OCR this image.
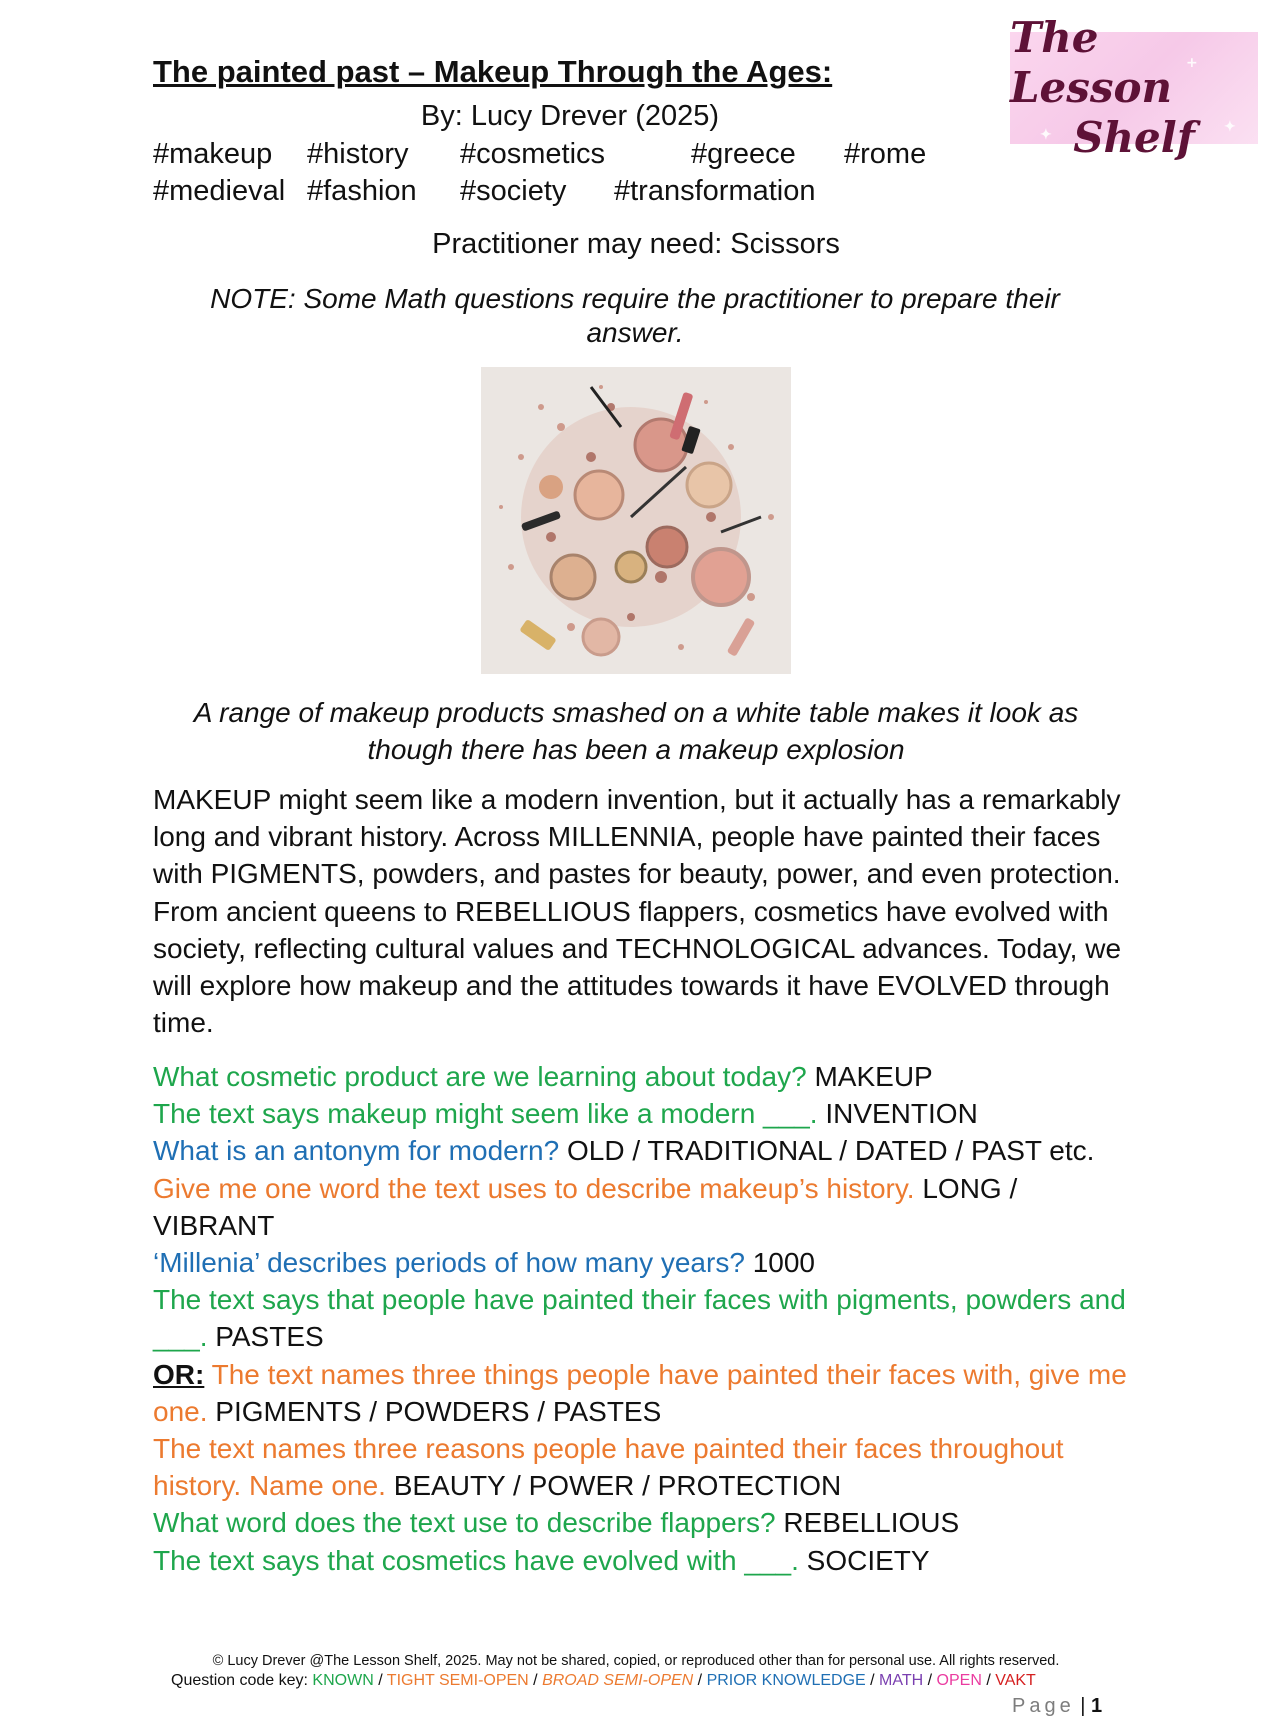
+
✦	✦
The Lesson
Shelf
The painted past – Makeup Through the Ages:
By: Lucy Drever (2025)
#makeup #history #cosmetics	#greece #rome
#medieval #fashion #society #transformation
Practitioner may need: Scissors
NOTE: Some Math questions require the practitioner to prepare their answer.
A range of makeup products smashed on a white table makes it look as though there has been a makeup explosion

MAKEUP might seem like a modern invention, but it actually has a remarkably long and vibrant history. Across MILLENNIA, people have painted their faces with PIGMENTS, powders, and pastes for beauty, power, and even protection. From ancient queens to REBELLIOUS flappers, cosmetics have evolved with society, reflecting cultural values and TECHNOLOGICAL advances. Today, we will explore how makeup and the attitudes towards it have EVOLVED through time.

What cosmetic product are we learning about today? MAKEUP

The text says makeup might seem like a modern ___. INVENTION

What is an antonym for modern? OLD / TRADITIONAL / DATED / PAST etc.

Give me one word the text uses to describe makeup’s history. LONG / VIBRANT

‘Millenia’ describes periods of how many years? 1000

The text says that people have painted their faces with pigments, powders and ___. PASTES

OR: The text names three things people have painted their faces with, give me one. PIGMENTS / POWDERS / PASTES

The text names three reasons people have painted their faces throughout history. Name one. BEAUTY / POWER / PROTECTION

What word does the text use to describe flappers? REBELLIOUS

The text says that cosmetics have evolved with ___. SOCIETY

© Lucy Drever @The Lesson Shelf, 2025. May not be shared, copied, or reproduced other than for personal use. All rights reserved.
Question code key: KNOWN / TIGHT SEMI-OPEN / BROAD SEMI-OPEN / PRIOR KNOWLEDGE / MATH / OPEN / VAKT
Page | 1
